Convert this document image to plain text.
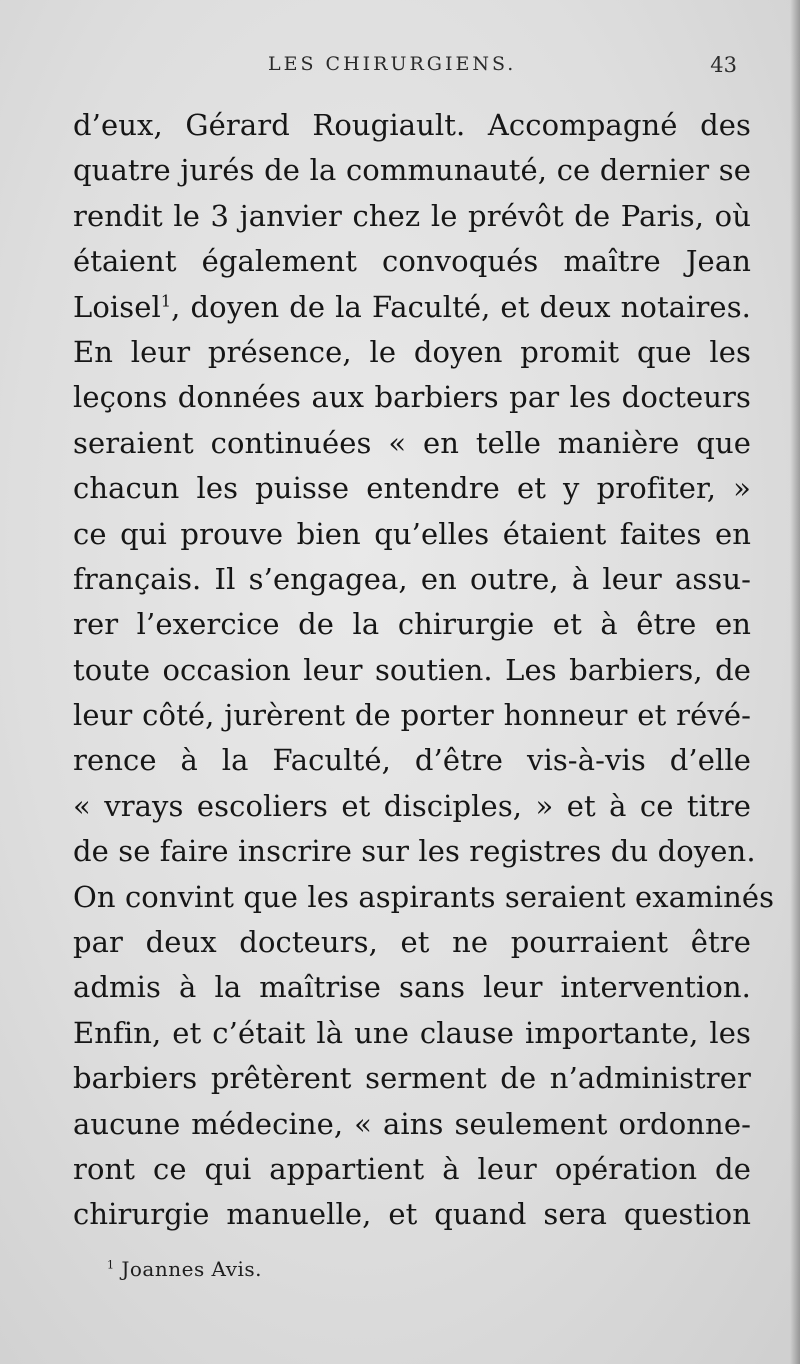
LES CHIRURGIENS.	43
d’eux, Gérard Rougiault. Accompagné des
quatre jurés de la communauté, ce dernier se
rendit le 3 janvier chez le prévôt de Paris, où
étaient également convoqués maître Jean
Loisel$^1$, doyen de la Faculté, et deux notaires.
En leur présence, le doyen promit que les
leçons données aux barbiers par les docteurs
seraient continuées « en telle manière que
chacun les puisse entendre et y profiter, »
ce qui prouve bien qu’elles étaient faites en
français. Il s’engagea, en outre, à leur assu-
rer l’exercice de la chirurgie et à être en
toute occasion leur soutien. Les barbiers, de
leur côté, jurèrent de porter honneur et révé-
rence à la Faculté, d’être vis-à-vis d’elle
« vrays escoliers et disciples, » et à ce titre
de se faire inscrire sur les registres du doyen.
On convint que les aspirants seraient examinés
par deux docteurs, et ne pourraient être
admis à la maîtrise sans leur intervention.
Enfin, et c’était là une clause importante, les
barbiers prêtèrent serment de n’administrer
aucune médecine, « ains seulement ordonne-
ront ce qui appartient à leur opération de
chirurgie manuelle, et quand sera question
$^1$ Joannes Avis.
